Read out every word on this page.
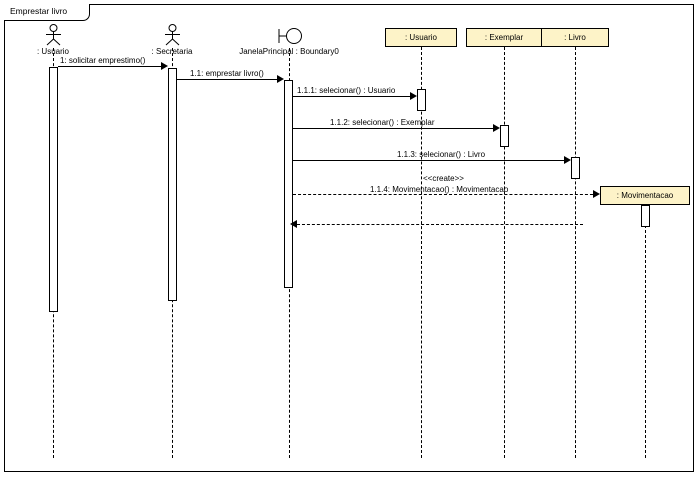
Emprestar livro
: Usuario	: Secretaria	JanelaPrincipal : Boundary0
: Usuario	: Exemplar	: Livro
: Movimentacao
1: solicitar emprestimo()
1.1: emprestar livro()
1.1.1: selecionar() : Usuario
1.1.2: selecionar() : Exemplar
1.1.3: selecionar() : Livro
<<create>>
1.1.4: Movimentacao() : Movimentacao
